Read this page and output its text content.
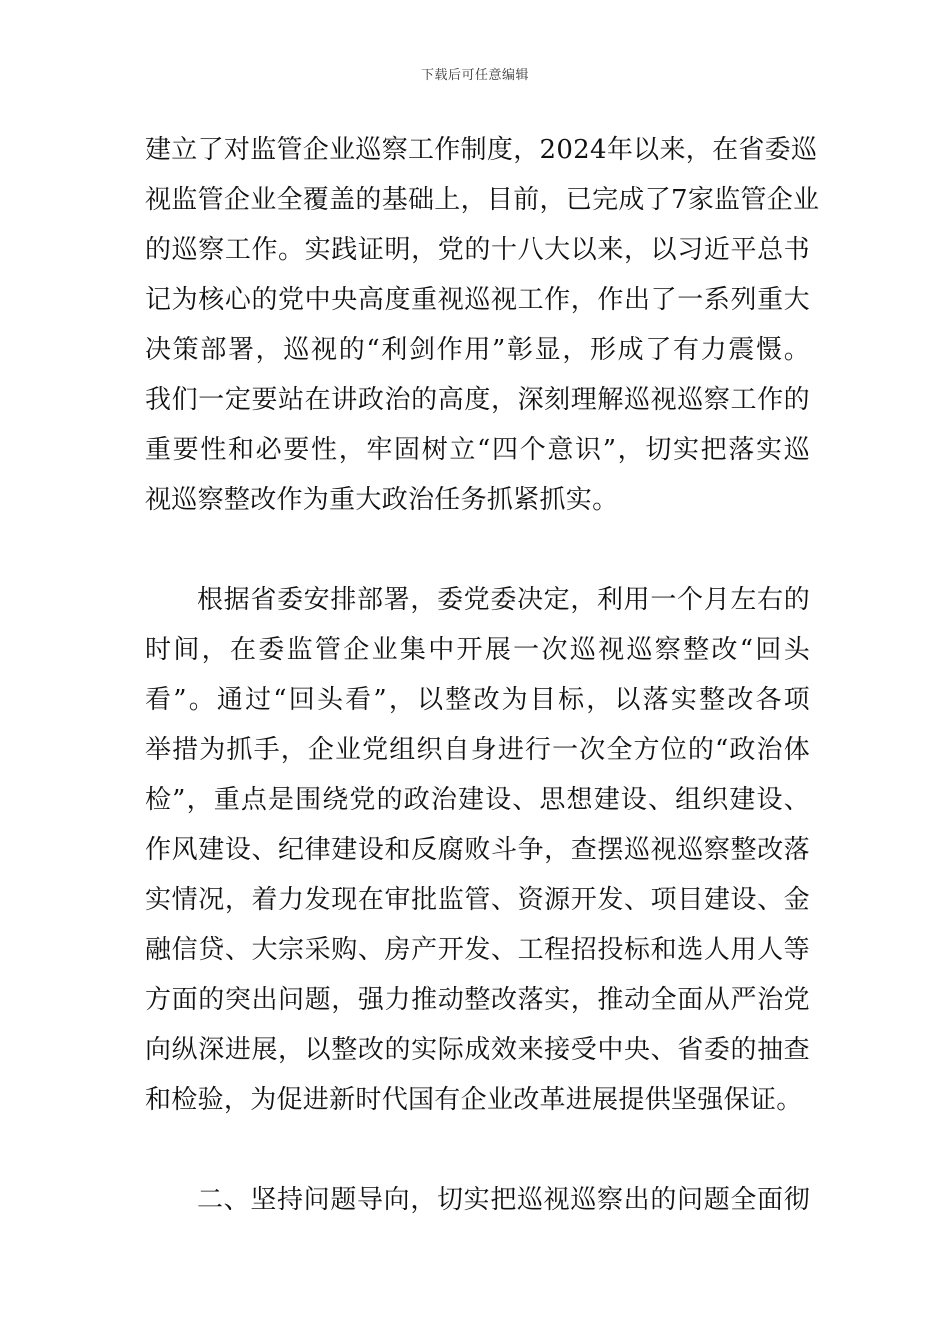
下载后可任意编辑
建立了对监管企业巡察工作制度，2024年以来，在省委巡
视监管企业全覆盖的基础上，目前，已完成了7家监管企业
的巡察工作。实践证明，党的十八大以来，以习近平总书
记为核心的党中央高度重视巡视工作，作出了一系列重大
决策部署，巡视的“利剑作用”彰显，形成了有力震慑。
我们一定要站在讲政治的高度，深刻理解巡视巡察工作的
重要性和必要性，牢固树立“四个意识”，切实把落实巡
视巡察整改作为重大政治任务抓紧抓实。
根据省委安排部署，委党委决定，利用一个月左右的
时间，在委监管企业集中开展一次巡视巡察整改“回头
看”。通过“回头看”，以整改为目标，以落实整改各项
举措为抓手，企业党组织自身进行一次全方位的“政治体
检”，重点是围绕党的政治建设、思想建设、组织建设、
作风建设、纪律建设和反腐败斗争，查摆巡视巡察整改落
实情况，着力发现在审批监管、资源开发、项目建设、金
融信贷、大宗采购、房产开发、工程招投标和选人用人等
方面的突出问题，强力推动整改落实，推动全面从严治党
向纵深进展，以整改的实际成效来接受中央、省委的抽查
和检验，为促进新时代国有企业改革进展提供坚强保证。
二、坚持问题导向，切实把巡视巡察出的问题全面彻
